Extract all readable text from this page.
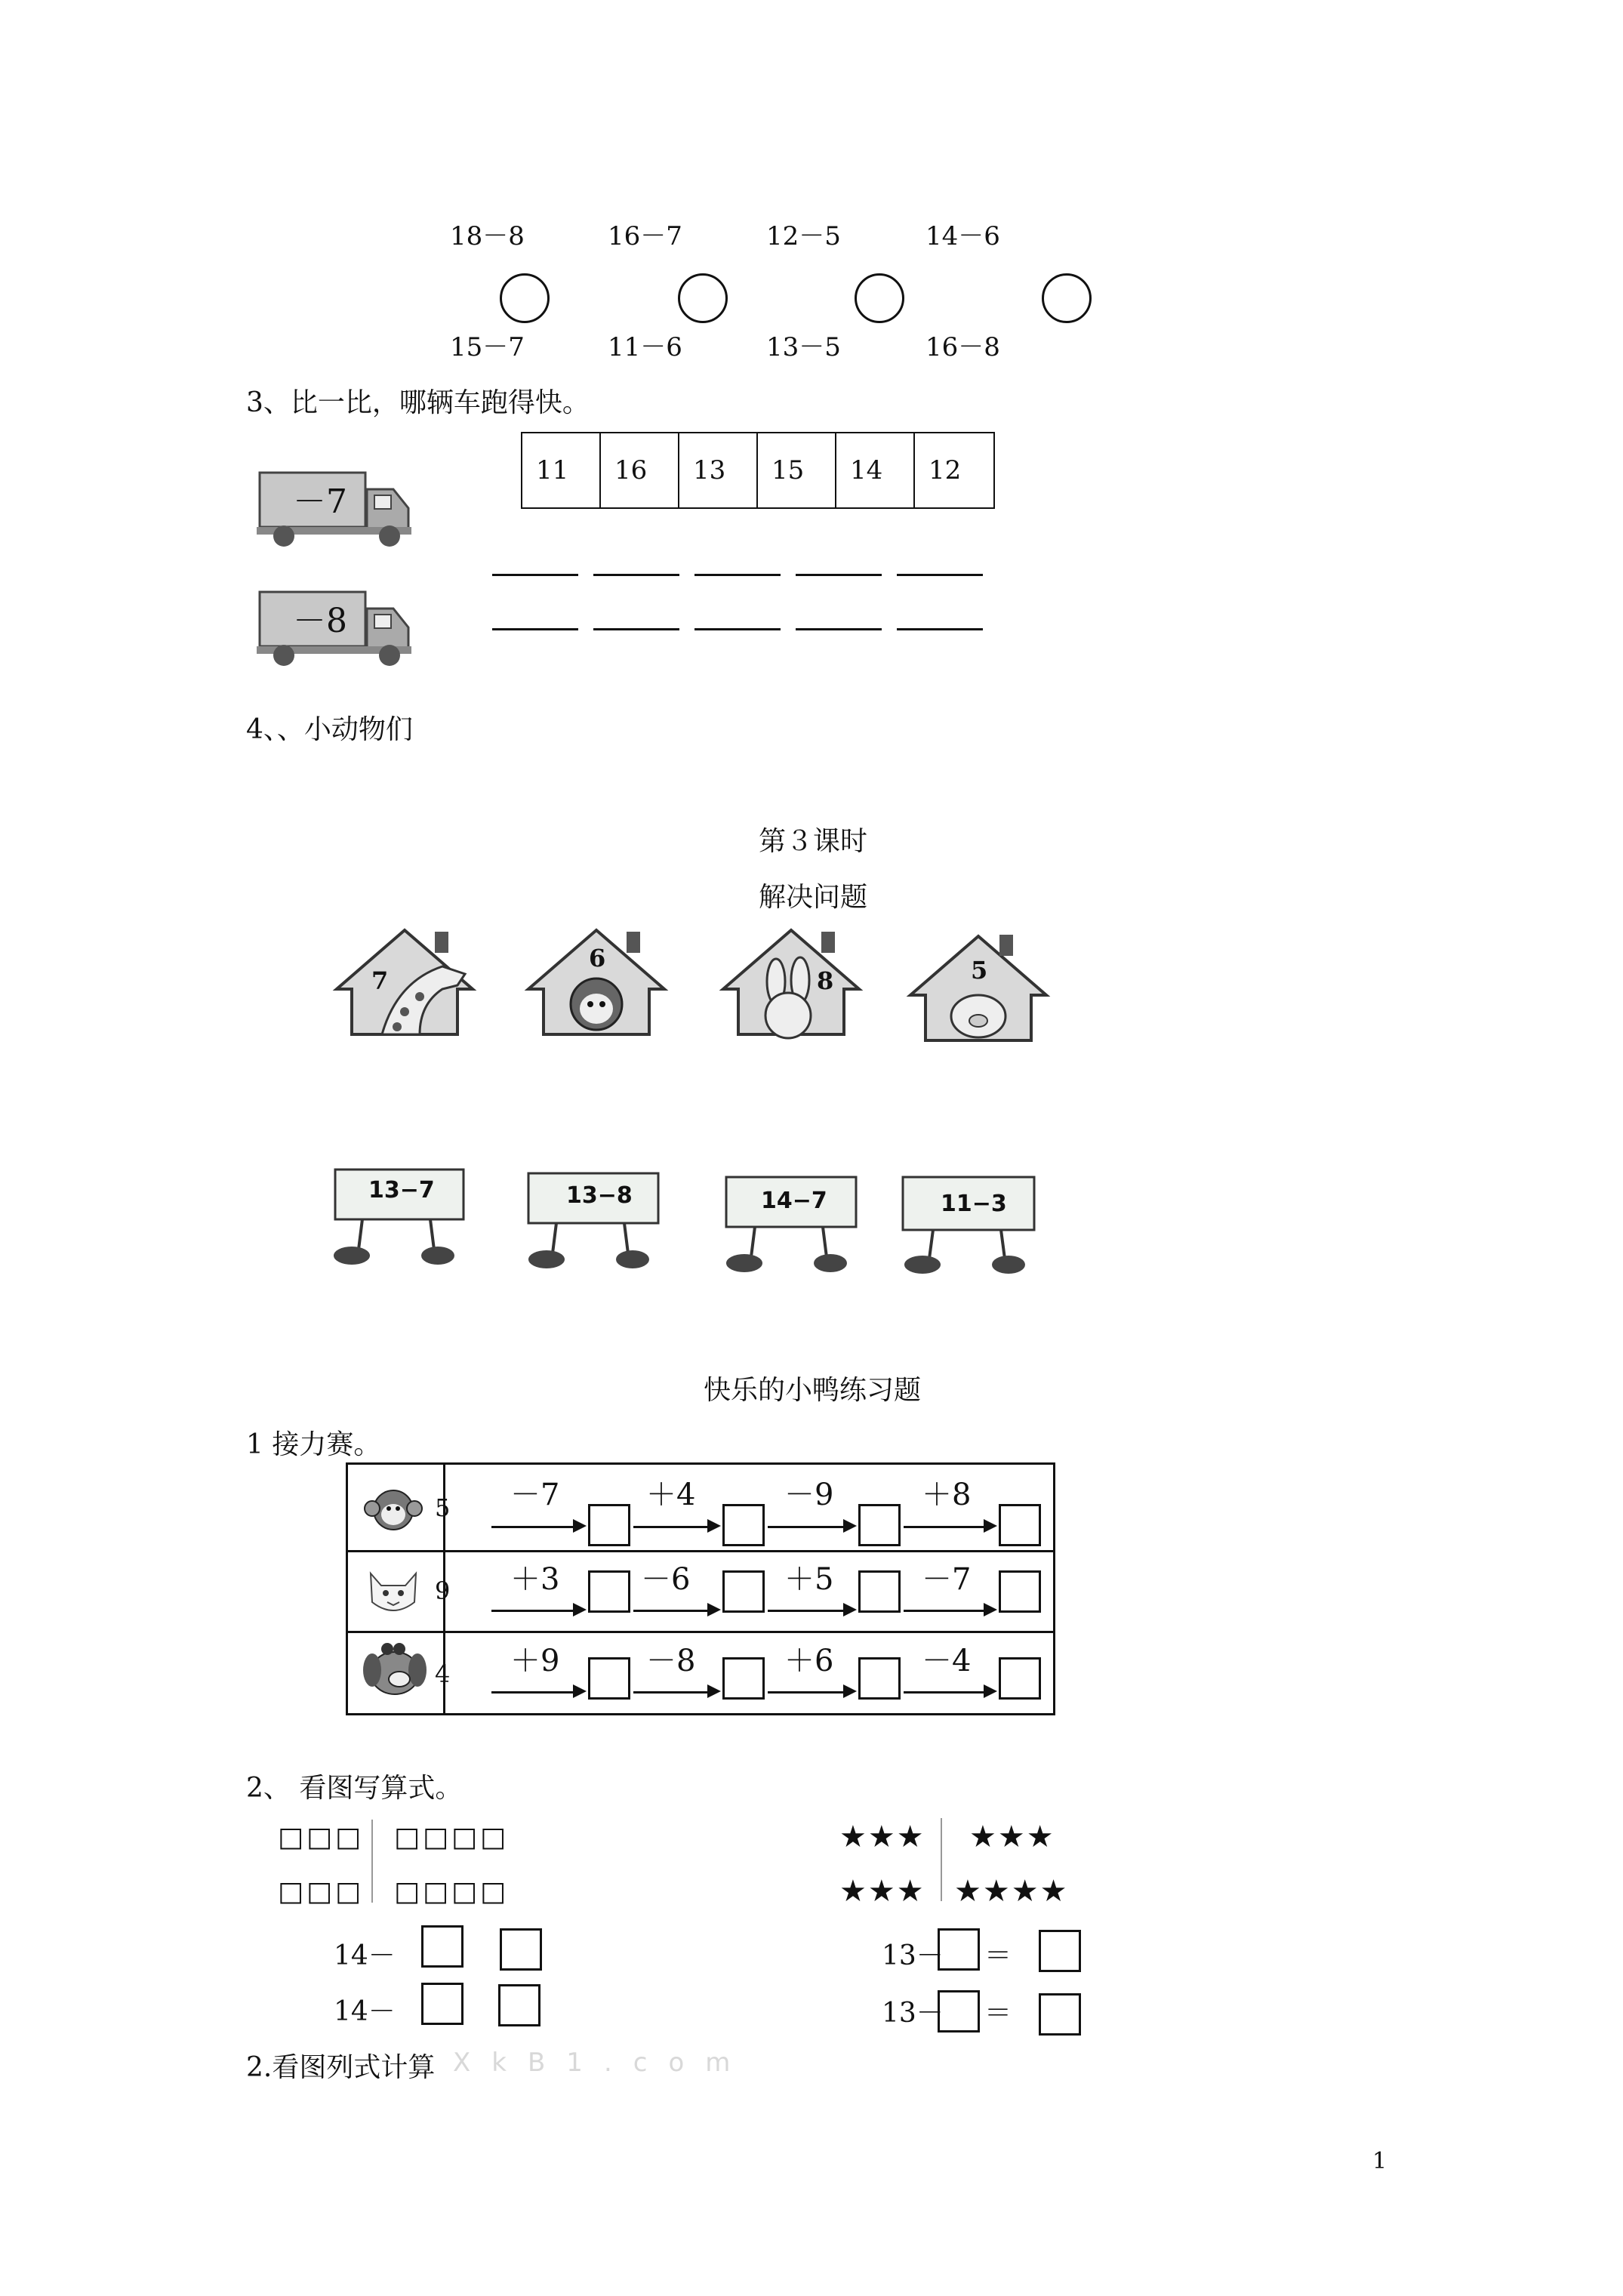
18－8	16－7	12－5	14－6
15－7	11－6	13－5	16－8
3、比一比，哪辆车跑得快。
－7
－8
11	16	13	15	14	12
4、、小动物们
第３课时
解决问题
7
6
8	5
13−7	13−8	14−7	11−3
快乐的小鸭练习题
1 接力赛。
5 －7	＋4	－9	＋8
9 ＋3	－6	＋5	－7
4 ＋9	－8	＋6	－4
2、 看图写算式。
□□□ □□□□
□□□ □□□□
★★★ ★★★
★★★ ★★★★
14－
14－
13－ ＝
13－ ＝
2.看图列式计算 XkB1.com
1
